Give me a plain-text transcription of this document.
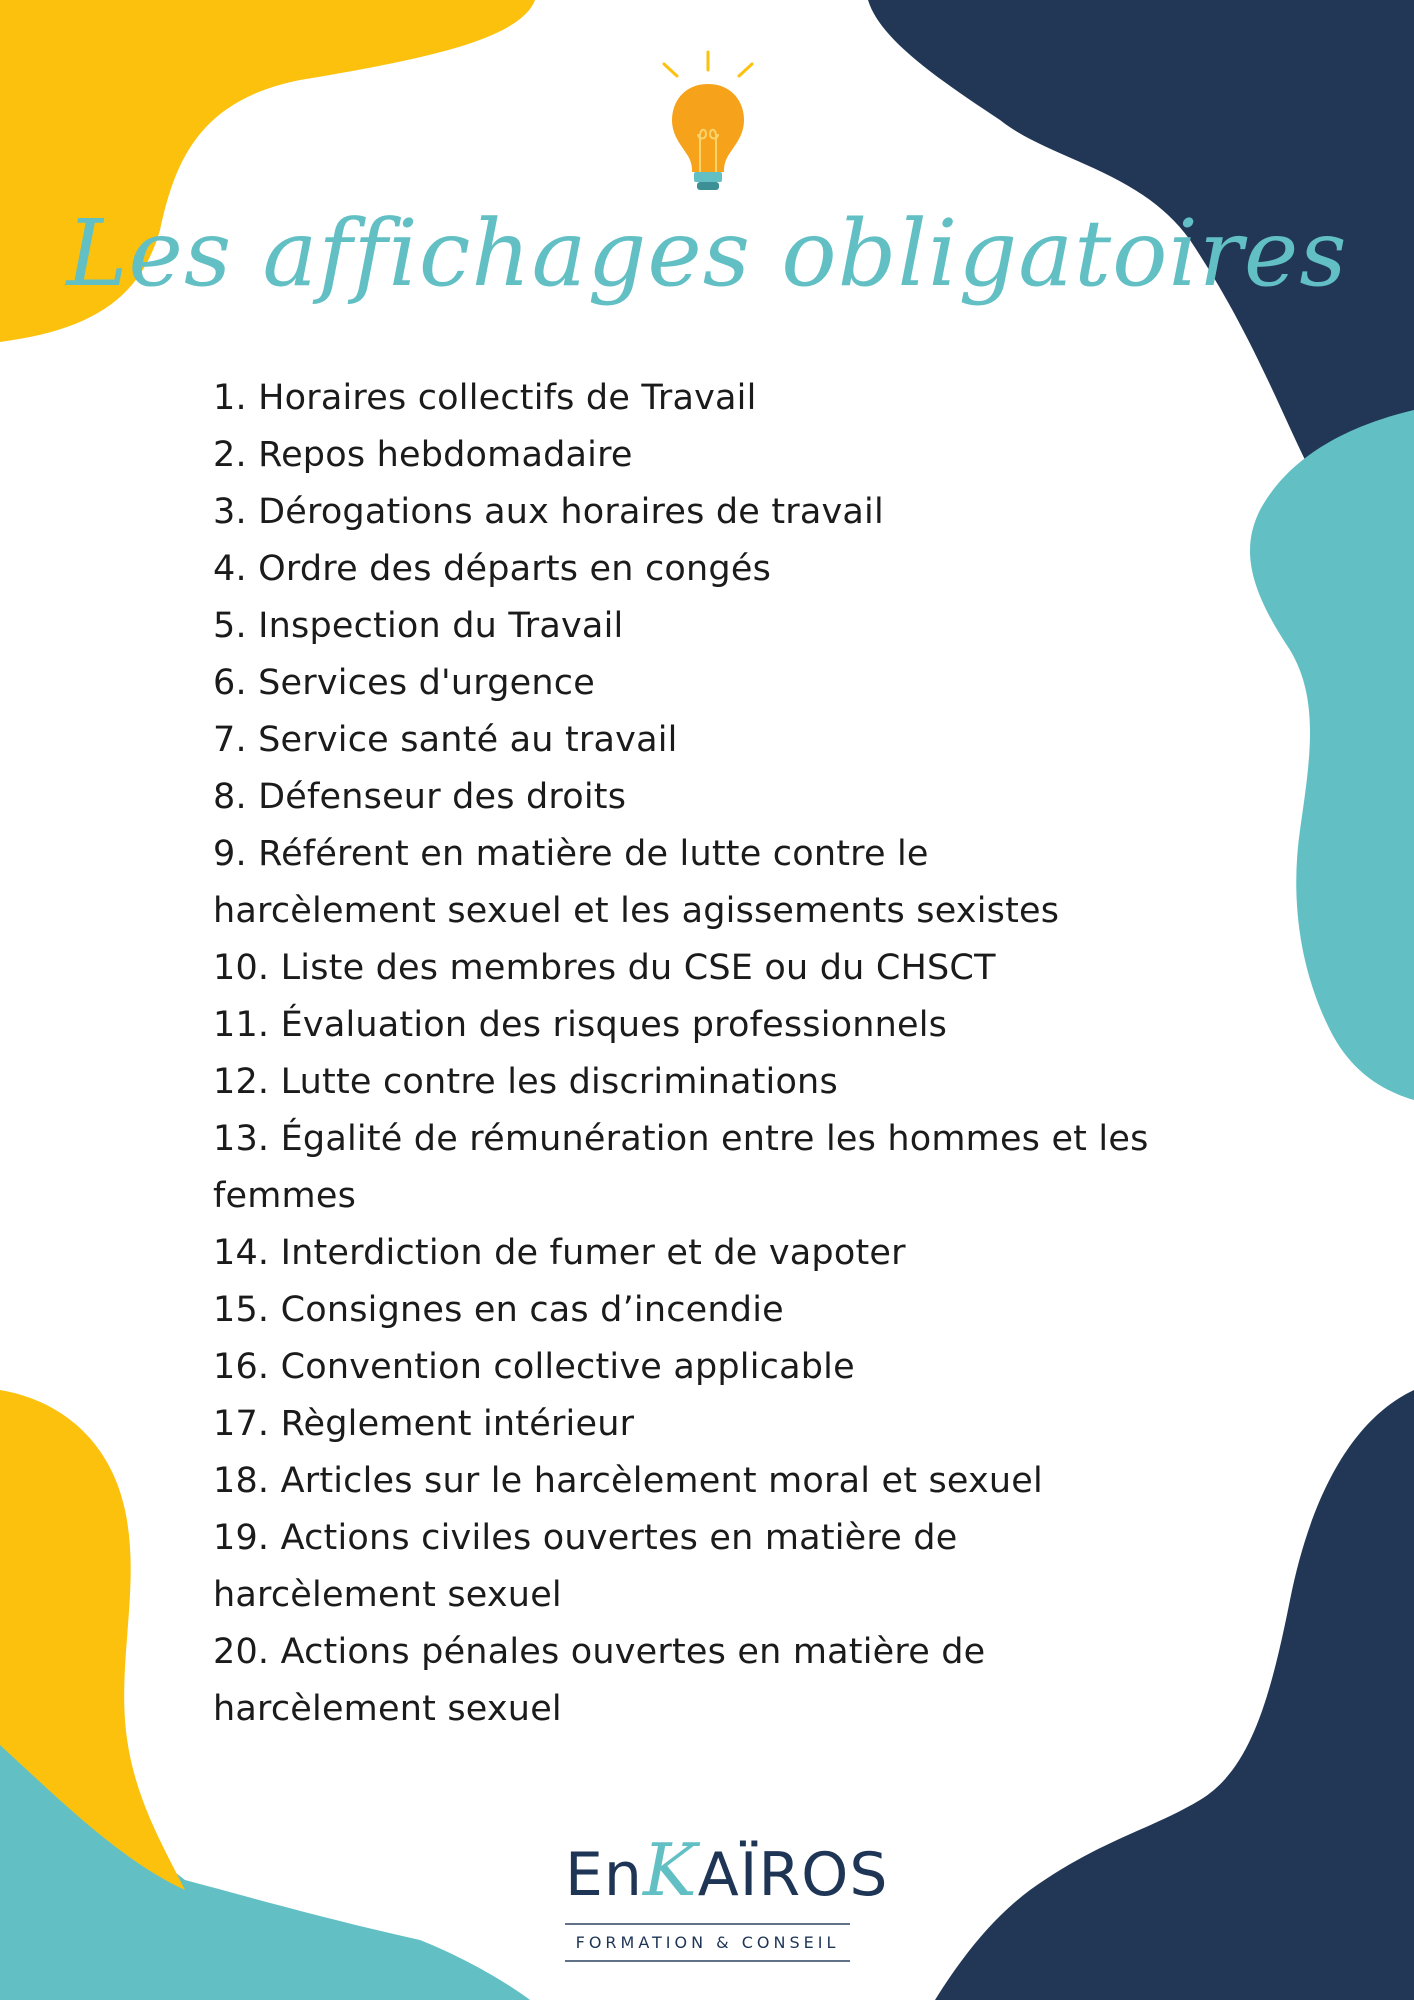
Les affichages obligatoires
1. Horaires collectifs de Travail
2. Repos hebdomadaire
3. Dérogations aux horaires de travail
4. Ordre des départs en congés
5. Inspection du Travail
6. Services d'urgence
7. Service santé au travail
8. Défenseur des droits
9. Référent en matière de lutte contre le
harcèlement sexuel et les agissements sexistes
10. Liste des membres du CSE ou du CHSCT
11. Évaluation des risques professionnels
12. Lutte contre les discriminations
13. Égalité de rémunération entre les hommes et les
femmes
14. Interdiction de fumer et de vapoter
15. Consignes en cas d’incendie
16. Convention collective applicable
17. Règlement intérieur
18. Articles sur le harcèlement moral et sexuel
19. Actions civiles ouvertes en matière de
harcèlement sexuel
20. Actions pénales ouvertes en matière de
harcèlement sexuel
EnKAÏROS
FORMATION & CONSEIL
